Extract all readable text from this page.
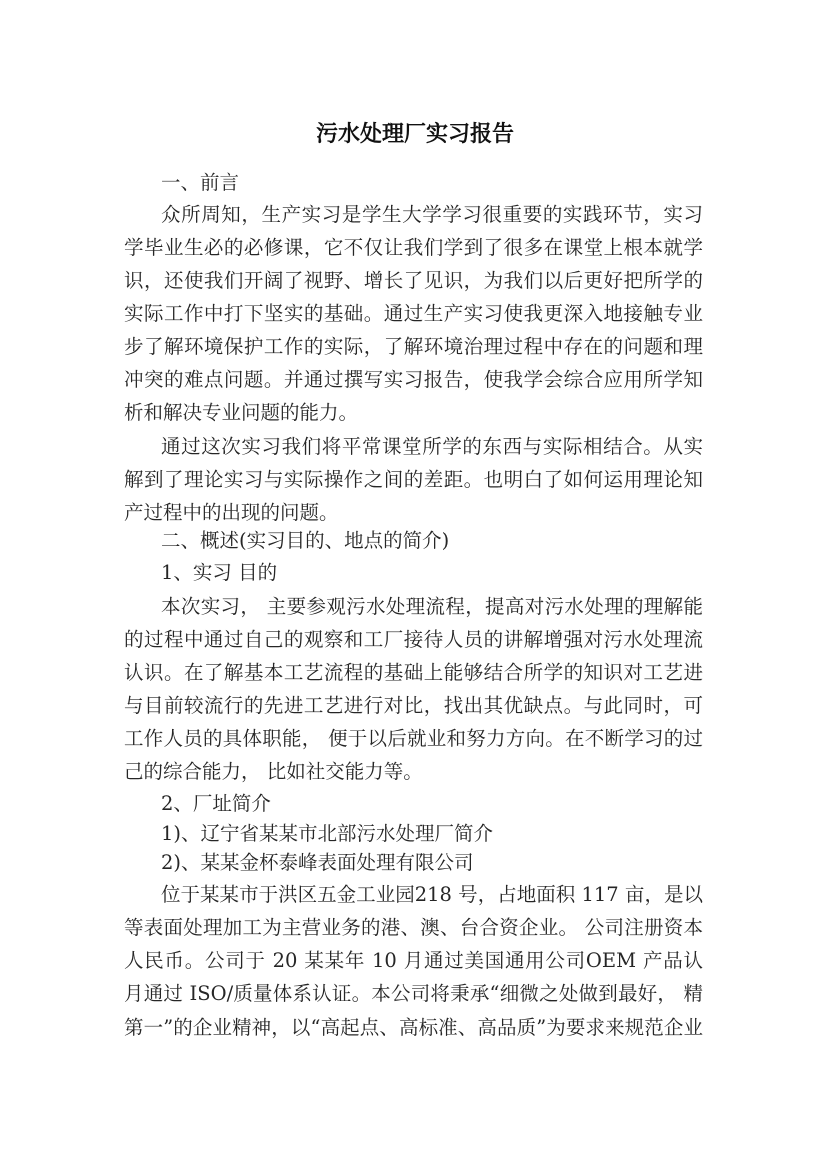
污水处理厂实习报告
一、前言
众所周知，生产实习是学生大学学习很重要的实践环节，实习
学毕业生必的必修课，它不仅让我们学到了很多在课堂上根本就学
识，还使我们开阔了视野、增长了见识，为我们以后更好把所学的
实际工作中打下坚实的基础。通过生产实习使我更深入地接触专业
步了解环境保护工作的实际，了解环境治理过程中存在的问题和理
冲突的难点问题。并通过撰写实习报告，使我学会综合应用所学知
析和解决专业问题的能力。
通过这次实习我们将平常课堂所学的东西与实际相结合。从实
解到了理论实习与实际操作之间的差距。也明白了如何运用理论知
产过程中的出现的问题。
二、概述(实习目的、地点的简介)
1、实习 目的
本次实习， 主要参观污水处理流程，提高对污水处理的理解能
的过程中通过自己的观察和工厂接待人员的讲解增强对污水处理流
认识。在了解基本工艺流程的基础上能够结合所学的知识对工艺进
与目前较流行的先进工艺进行对比，找出其优缺点。与此同时，可
工作人员的具体职能， 便于以后就业和努力方向。在不断学习的过
己的综合能力， 比如社交能力等。
2、厂址简介
1)、辽宁省某某市北部污水处理厂简介
2)、某某金杯泰峰表面处理有限公司
位于某某市于洪区五金工业园218 号，占地面积 117 亩，是以
等表面处理加工为主营业务的港、澳、台合资企业。 公司注册资本
人民币。公司于 20 某某年 10 月通过美国通用公司OEM 产品认
月通过 ISO/质量体系认证。本公司将秉承“细微之处做到最好， 精
第一”的企业精神，以“高起点、高标准、高品质”为要求来规范企业
